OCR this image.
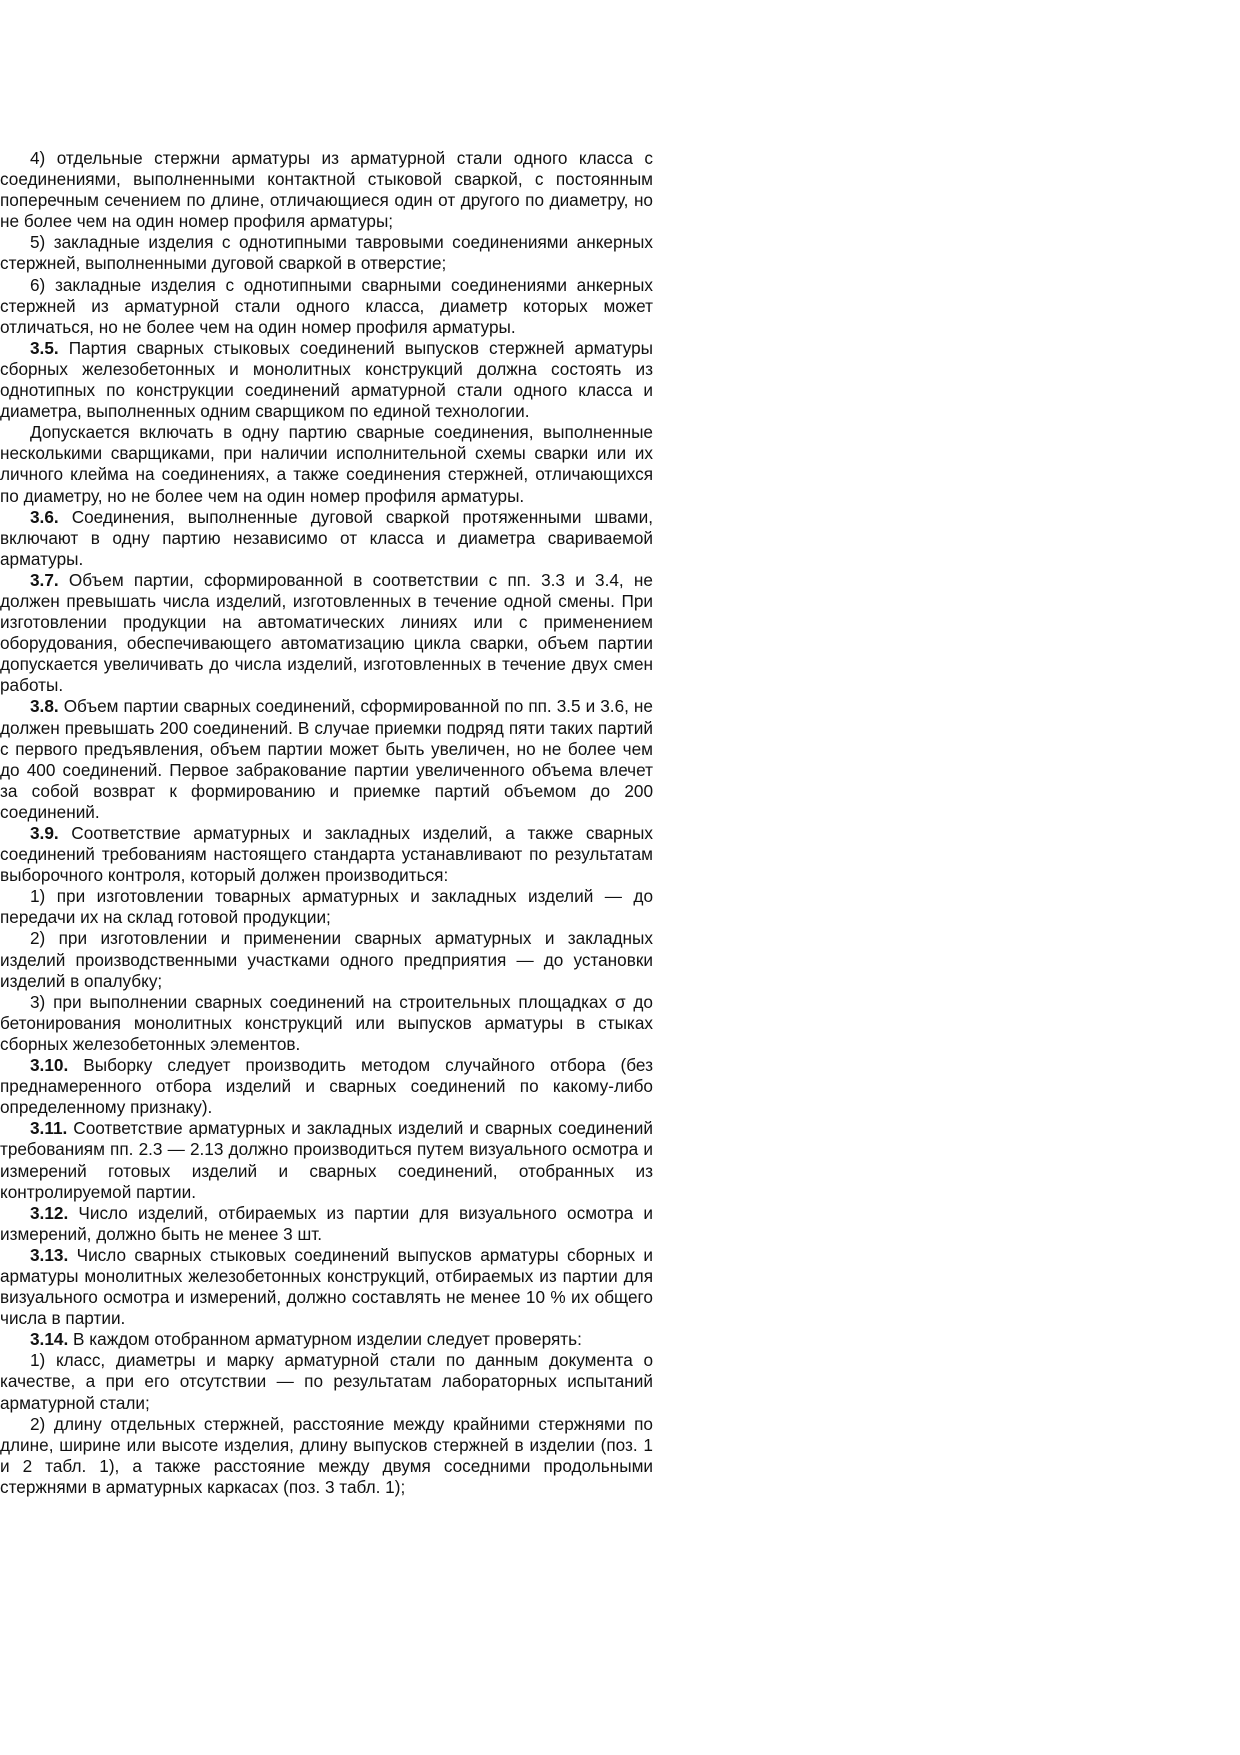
4) отдельные стержни арматуры из арматурной стали одного класса с соединениями, выполненными контактной стыковой сваркой, с постоянным поперечным сечением по длине, отличающиеся один от другого по диаметру, но не более чем на один номер профиля арматуры;

5) закладные изделия с однотипными тавровыми соединениями анкерных стержней, выполненными дуговой сваркой в отверстие;

6) закладные изделия с однотипными сварными соединениями анкерных стержней из арматурной стали одного класса, диаметр которых может отличаться, но не более чем на один номер профиля арматуры.

3.5. Партия сварных стыковых соединений выпусков стержней арматуры сборных железобетонных и монолитных конструкций должна состоять из однотипных по конструкции соединений арматурной стали одного класса и диаметра, выполненных одним сварщиком по единой технологии.

Допускается включать в одну партию сварные соединения, выполненные несколькими сварщиками, при наличии исполнительной схемы сварки или их личного клейма на соединениях, а также соединения стержней, отличающихся по диаметру, но не более чем на один номер профиля арматуры.

3.6. Соединения, выполненные дуговой сваркой протяженными швами, включают в одну партию независимо от класса и диаметра свариваемой арматуры.

3.7. Объем партии, сформированной в соответствии с пп. 3.3 и 3.4, не должен превышать числа изделий, изготовленных в течение одной смены. При изготовлении продукции на автоматических линиях или с применением оборудования, обеспечивающего автоматизацию цикла сварки, объем партии допускается увеличивать до числа изделий, изготовленных в течение двух смен работы.

3.8. Объем партии сварных соединений, сформированной по пп. 3.5 и 3.6, не должен превышать 200 соединений. В случае приемки подряд пяти таких партий с первого предъявления, объем партии может быть увеличен, но не более чем до 400 соединений. Первое забракование партии увеличенного объема влечет за собой возврат к формированию и приемке партий объемом до 200 соединений.

3.9. Соответствие арматурных и закладных изделий, а также сварных соединений требованиям настоящего стандарта устанавливают по результатам выборочного контроля, который должен производиться:

1) при изготовлении товарных арматурных и закладных изделий — до передачи их на склад готовой продукции;

2) при изготовлении и применении сварных арматурных и закладных изделий производственными участками одного предприятия — до установки изделий в опалубку;

3) при выполнении сварных соединений на строительных площадках σ до бетонирования монолитных конструкций или выпусков арматуры в стыках сборных железобетонных элементов.

3.10. Выборку следует производить методом случайного отбора (без преднамеренного отбора изделий и сварных соединений по какому-либо определенному признаку).

3.11. Соответствие арматурных и закладных изделий и сварных соединений требованиям пп. 2.3 — 2.13 должно производиться путем визуального осмотра и измерений готовых изделий и сварных соединений, отобранных из контролируемой партии.

3.12. Число изделий, отбираемых из партии для визуального осмотра и измерений, должно быть не менее 3 шт.

3.13. Число сварных стыковых соединений выпусков арматуры сборных и арматуры монолитных железобетонных конструкций, отбираемых из партии для визуального осмотра и измерений, должно составлять не менее 10 % их общего числа в партии.

3.14. В каждом отобранном арматурном изделии следует проверять:

1) класс, диаметры и марку арматурной стали по данным документа о качестве, а при его отсутствии — по результатам лабораторных испытаний арматурной стали;

2) длину отдельных стержней, расстояние между крайними стержнями по длине, ширине или высоте изделия, длину выпусков стержней в изделии (поз. 1 и 2 табл. 1), а также расстояние между двумя соседними продольными стержнями в арматурных каркасах (поз. 3 табл. 1);
